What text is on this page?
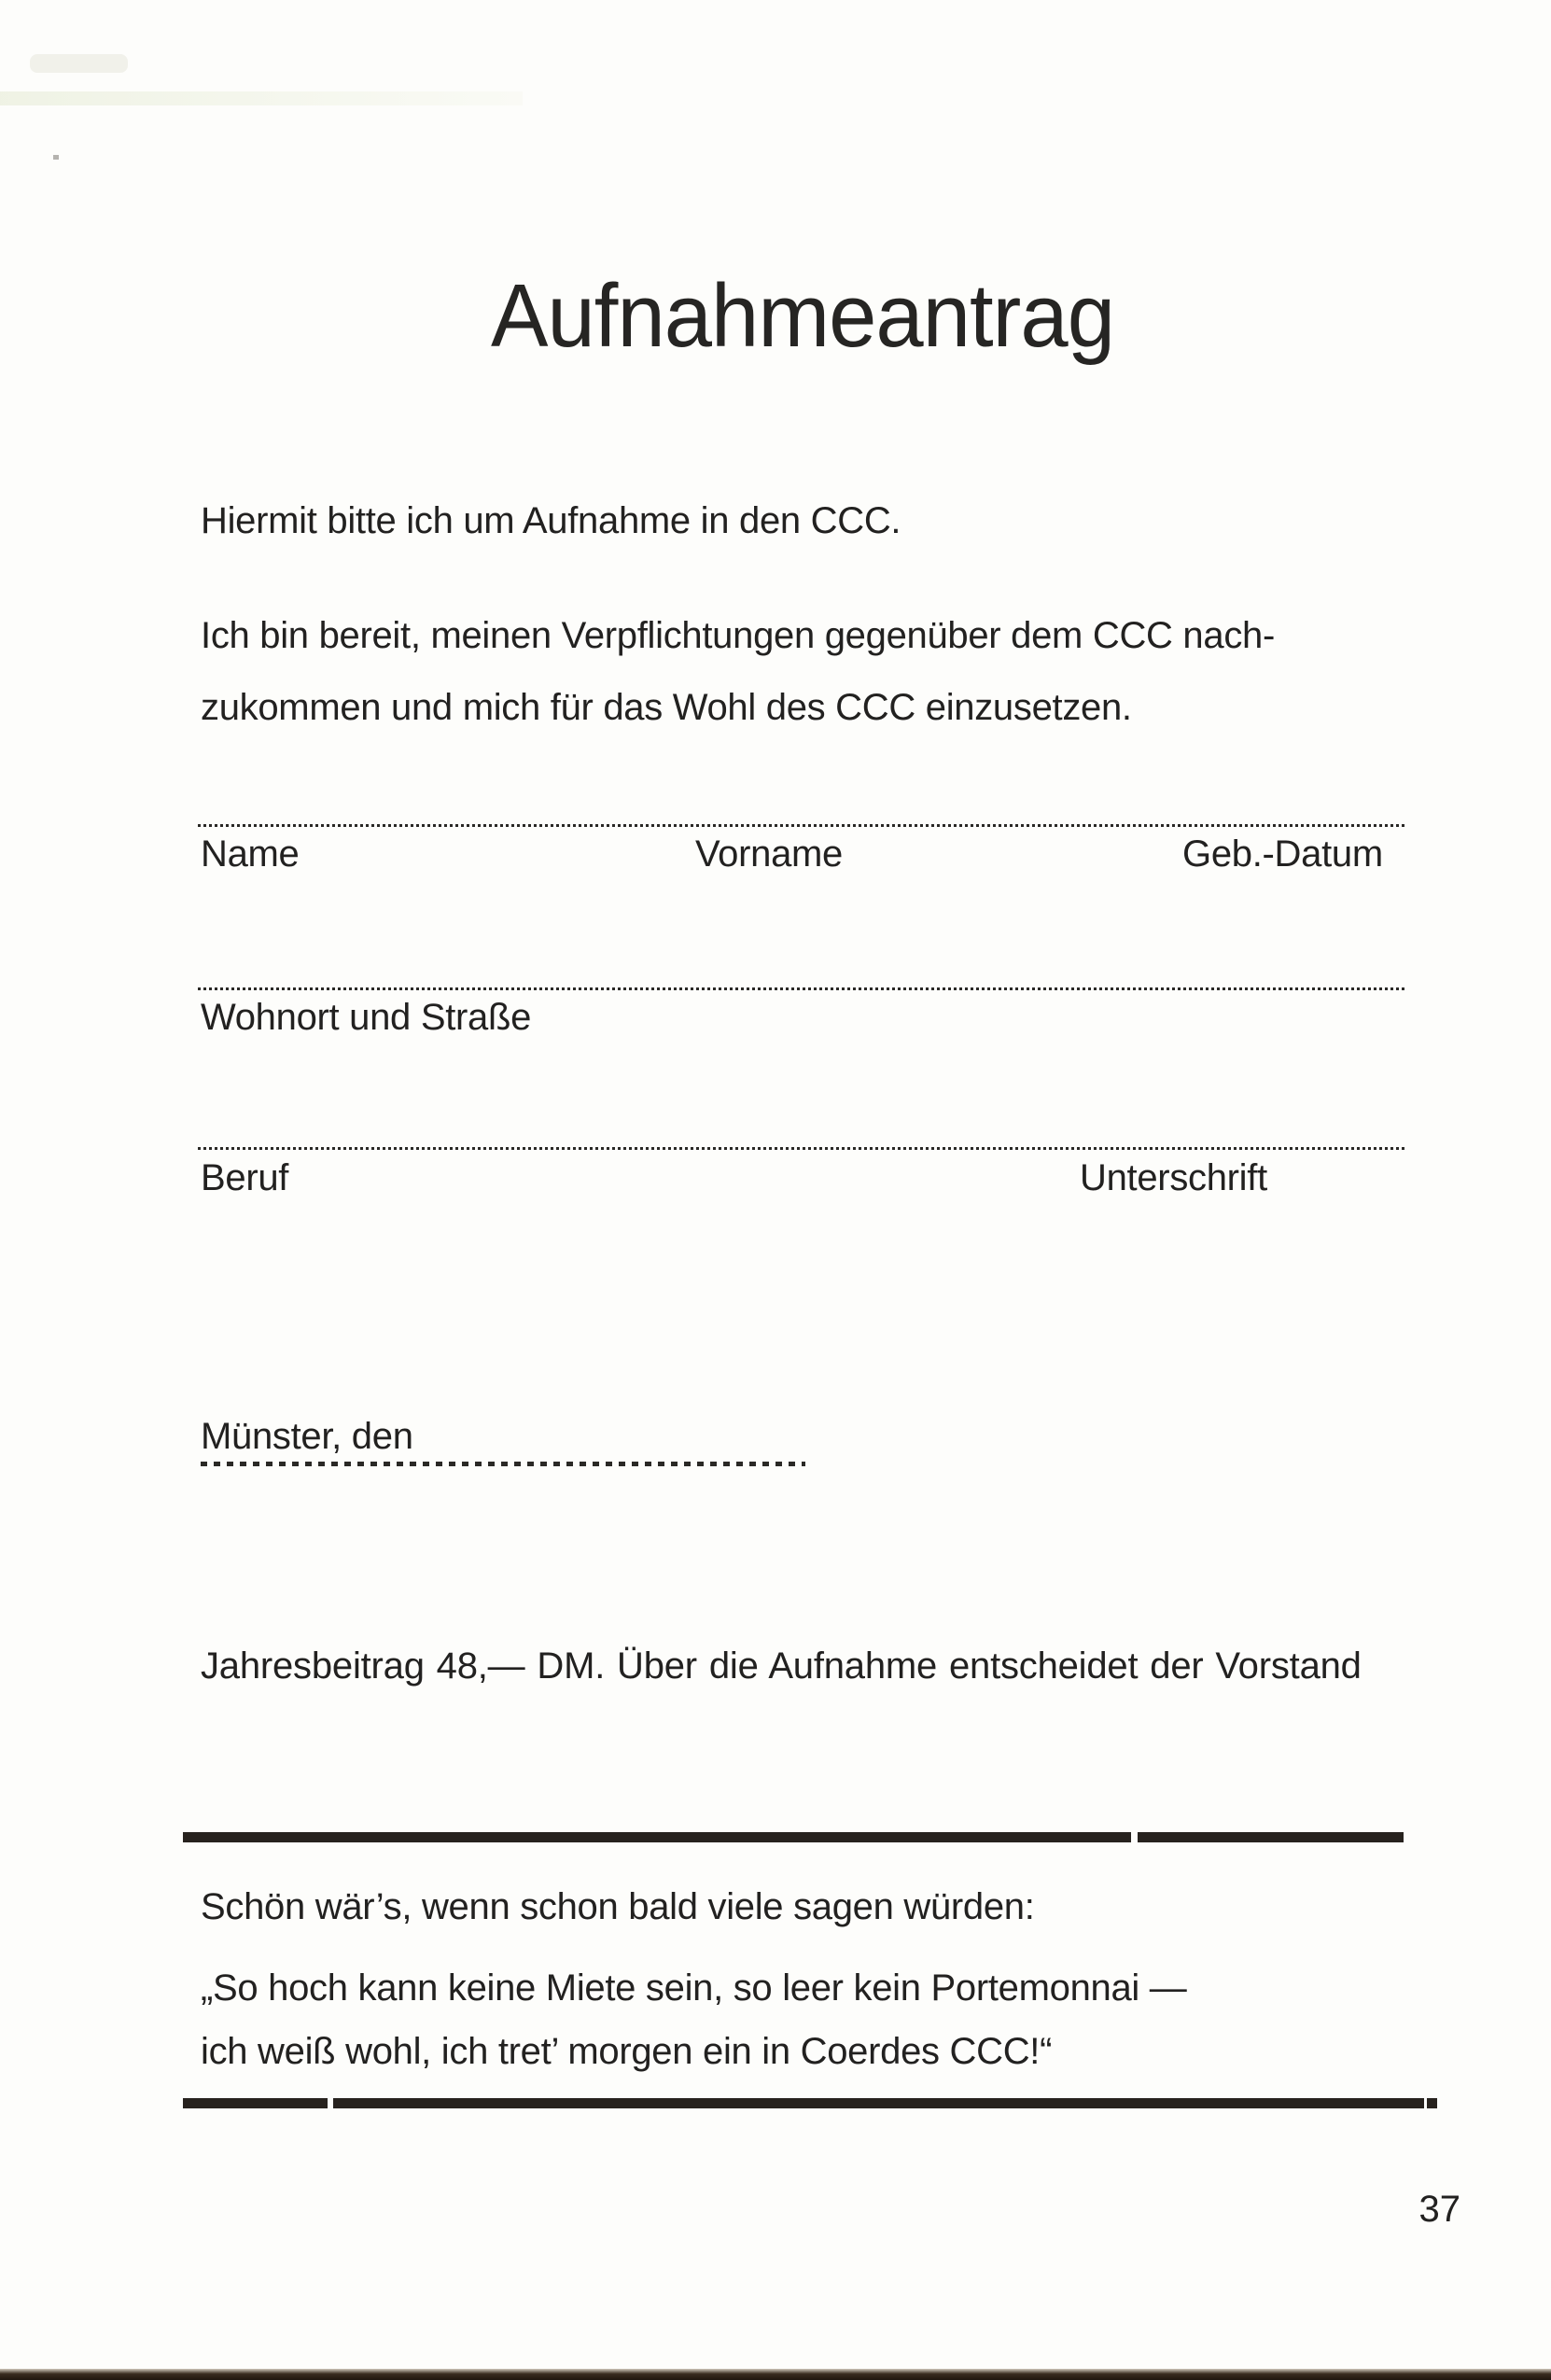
Aufnahmeantrag
Hiermit bitte ich um Aufnahme in den CCC.
Ich bin bereit, meinen Verpflichtungen gegenüber dem CCC nach-
zukommen und mich für das Wohl des CCC einzusetzen.
Name	Vorname	Geb.-Datum
Wohnort und Straße
Beruf	Unterschrift
Münster, den
Jahresbeitrag 48,— DM. Über die Aufnahme entscheidet der Vorstand
Schön wär’s, wenn schon bald viele sagen würden:
„So hoch kann keine Miete sein, so leer kein Portemonnai —
ich weiß wohl, ich tret’ morgen ein in Coerdes CCC!“
37
